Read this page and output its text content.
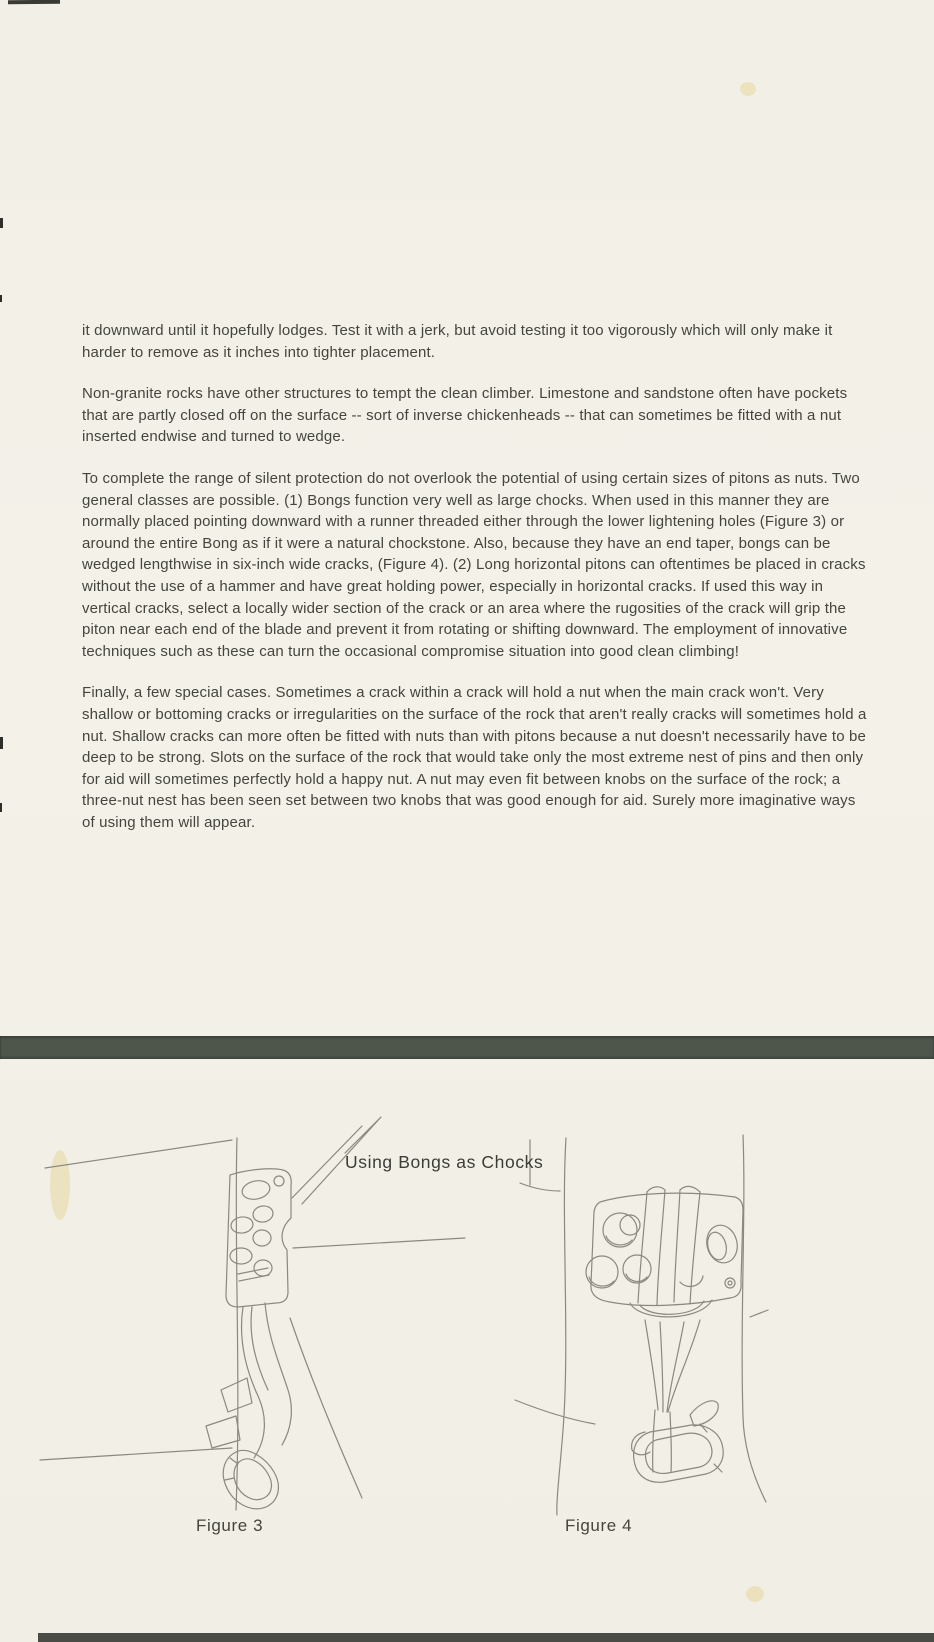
it downward until it hopefully lodges. Test it with a jerk, but avoid testing it too vigorously which will only make it harder to remove as it inches into tighter placement.

Non-granite rocks have other structures to tempt the clean climber. Limestone and sandstone often have pockets that are partly closed off on the surface -- sort of inverse chickenheads -- that can sometimes be fitted with a nut inserted endwise and turned to wedge.

To complete the range of silent protection do not overlook the potential of using certain sizes of pitons as nuts. Two general classes are possible. (1) Bongs function very well as large chocks. When used in this manner they are normally placed pointing downward with a runner threaded either through the lower lightening holes (Figure 3) or around the entire Bong as if it were a natural chockstone. Also, because they have an end taper, bongs can be wedged lengthwise in six-inch wide cracks, (Figure 4). (2) Long horizontal pitons can oftentimes be placed in cracks without the use of a hammer and have great holding power, especially in horizontal cracks. If used this way in vertical cracks, select a locally wider section of the crack or an area where the rugosities of the crack will grip the piton near each end of the blade and prevent it from rotating or shifting downward. The employment of innovative techniques such as these can turn the occasional compromise situation into good clean climbing!

Finally, a few special cases. Sometimes a crack within a crack will hold a nut when the main crack won't. Very shallow or bottoming cracks or irregularities on the surface of the rock that aren't really cracks will sometimes hold a nut. Shallow cracks can more often be fitted with nuts than with pitons because a nut doesn't necessarily have to be deep to be strong. Slots on the surface of the rock that would take only the most extreme nest of pins and then only for aid will sometimes perfectly hold a happy nut. A nut may even fit between knobs on the surface of the rock; a three-nut nest has been seen set between two knobs that was good enough for aid. Surely more imaginative ways of using them will appear.

Using Bongs as Chocks
Figure 3	Figure 4
